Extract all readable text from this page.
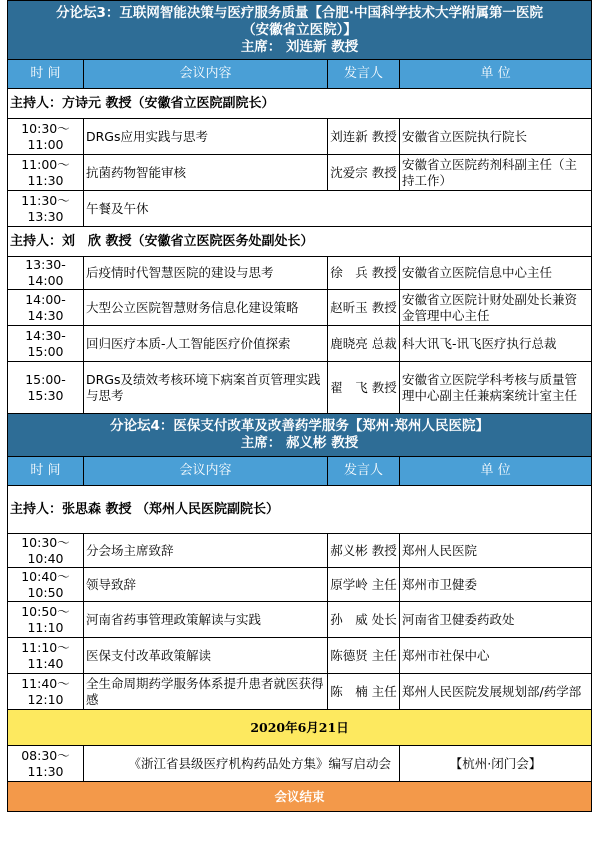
分论坛3：互联网智能决策与医疗服务质量【合肥·中国科学技术大学附属第一医院
（安徽省立医院）】
主席： 刘连新 教授			

时 间	会议内容	发言人	单 位
主持人：方诗元 教授（安徽省立医院副院长）			
10:30～11:00	DRGs应用实践与思考	刘连新 教授	安徽省立医院执行院长
11:00～11:30	抗菌药物智能审核	沈爱宗 教授	安徽省立医院药剂科副主任（主持工作）
11:30～13:30	午餐及午休		
主持人：刘　欣 教授（安徽省立医院医务处副处长）			
13:30-14:00	后疫情时代智慧医院的建设与思考	徐　兵 教授	安徽省立医院信息中心主任
14:00-14:30	大型公立医院智慧财务信息化建设策略	赵昕玉 教授	安徽省立医院计财处副处长兼资金管理中心主任
14:30-15:00	回归医疗本质-人工智能医疗价值探索	鹿晓亮 总裁	科大讯飞-讯飞医疗执行总裁
15:00-15:30	DRGs及绩效考核环境下病案首页管理实践与思考	翟　飞 教授	安徽省立医院学科考核与质量管理中心副主任兼病案统计室主任

分论坛4：医保支付改革及改善药学服务【郑州·郑州人民医院】
主席： 郝义彬 教授			

时 间	会议内容	发言人	单 位
主持人：张思森 教授 （郑州人民医院副院长）			
10:30～10:40	分会场主席致辞	郝义彬 教授	郑州人民医院
10:40～10:50	领导致辞	原学岭 主任	郑州市卫健委
10:50～11:10	河南省药事管理政策解读与实践	孙　威 处长	河南省卫健委药政处
11:10～11:40	医保支付改革政策解读	陈德贤 主任	郑州市社保中心
11:40～12:10	全生命周期药学服务体系提升患者就医获得感	陈　楠 主任	郑州人民医院发展规划部/药学部
2020年6月21日			
08:30～11:30	《浙江省县级医疗机构药品处方集》编写启动会		【杭州·闭门会】
会议结束			
